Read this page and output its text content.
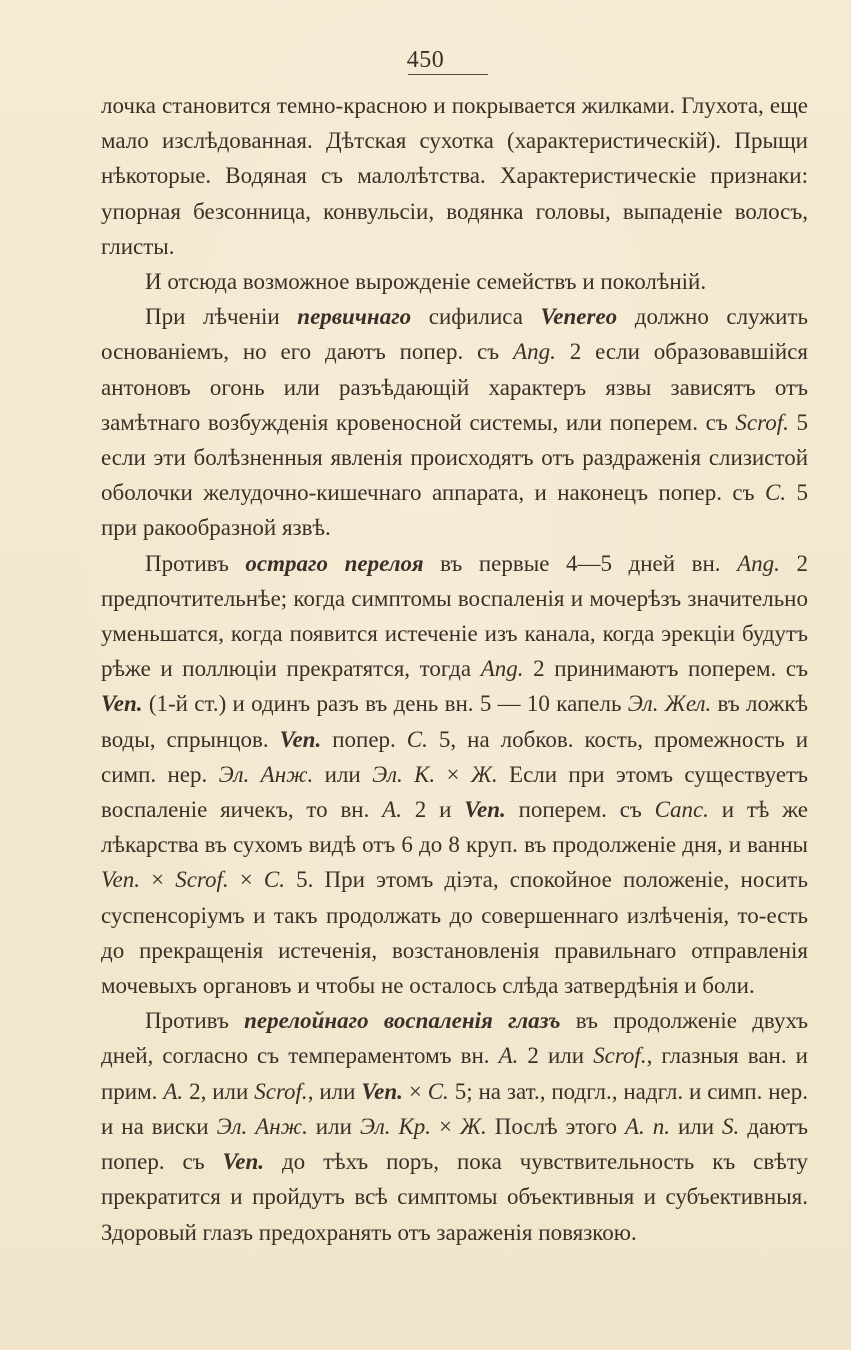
450

лочка становится темно-красною и покрывается жилками. Глухота, еще мало изслѣдованная. Дѣтская сухотка (характеристическій). Прыщи нѣкоторые. Водяная съ малолѣтства. Характеристическіе признаки: упорная безсонница, конвульсіи, водянка головы, выпаденіе волосъ, глисты.

И отсюда возможное вырожденіе семействъ и поколѣній.

При лѣченіи первичнаго сифилиса Venereo должно служить основаніемъ, но его даютъ попер. съ Ang. 2 если образовавшійся антоновъ огонь или разъѣдающій характеръ язвы зависятъ отъ замѣтнаго возбужденія кровеносной системы, или поперем. съ Scrof. 5 если эти болѣзненныя явленія происходятъ отъ раздраженія слизистой оболочки желудочно-кишечнаго аппарата, и наконецъ попер. съ C. 5 при ракообразной язвѣ.

Противъ остраго перелоя въ первые 4—5 дней вн. Ang. 2 предпочтительнѣе; когда симптомы воспаленія и мочерѣзъ значительно уменьшатся, когда появится истеченіе изъ канала, когда эрекціи будутъ рѣже и поллюціи прекратятся, тогда Ang. 2 принимаютъ поперем. съ Ven. (1-й ст.) и одинъ разъ въ день вн. 5 — 10 капель Эл. Жел. въ ложкѣ воды, спрынцов. Ven. попер. C. 5, на лобков. кость, промежность и симп. нер. Эл. Анж. или Эл. К. × Ж. Если при этомъ существуетъ воспаленіе яичекъ, то вн. A. 2 и Ven. поперем. съ Canc. и тѣ же лѣкарства въ сухомъ видѣ отъ 6 до 8 круп. въ продолженіе дня, и ванны Ven. × Scrof. × C. 5. При этомъ діэта, спокойное положеніе, носить суспенсоріумъ и такъ продолжать до совершеннаго излѣченія, то-есть до прекращенія истеченія, возстановленія правильнаго отправленія мочевыхъ органовъ и чтобы не осталось слѣда затвердѣнія и боли.

Противъ перелойнаго воспаленія глазъ въ продолженіе двухъ дней, согласно съ темпераментомъ вн. A. 2 или Scrof., глазныя ван. и прим. A. 2, или Scrof., или Ven. × C. 5; на зат., подгл., надгл. и симп. нер. и на виски Эл. Анж. или Эл. Кр. × Ж. Послѣ этого A. n. или S. даютъ попер. съ Ven. до тѣхъ поръ, пока чувствительность къ свѣту прекратится и пройдутъ всѣ симптомы объективныя и субъективныя. Здоровый глазъ предохранять отъ зараженія повязкою.
